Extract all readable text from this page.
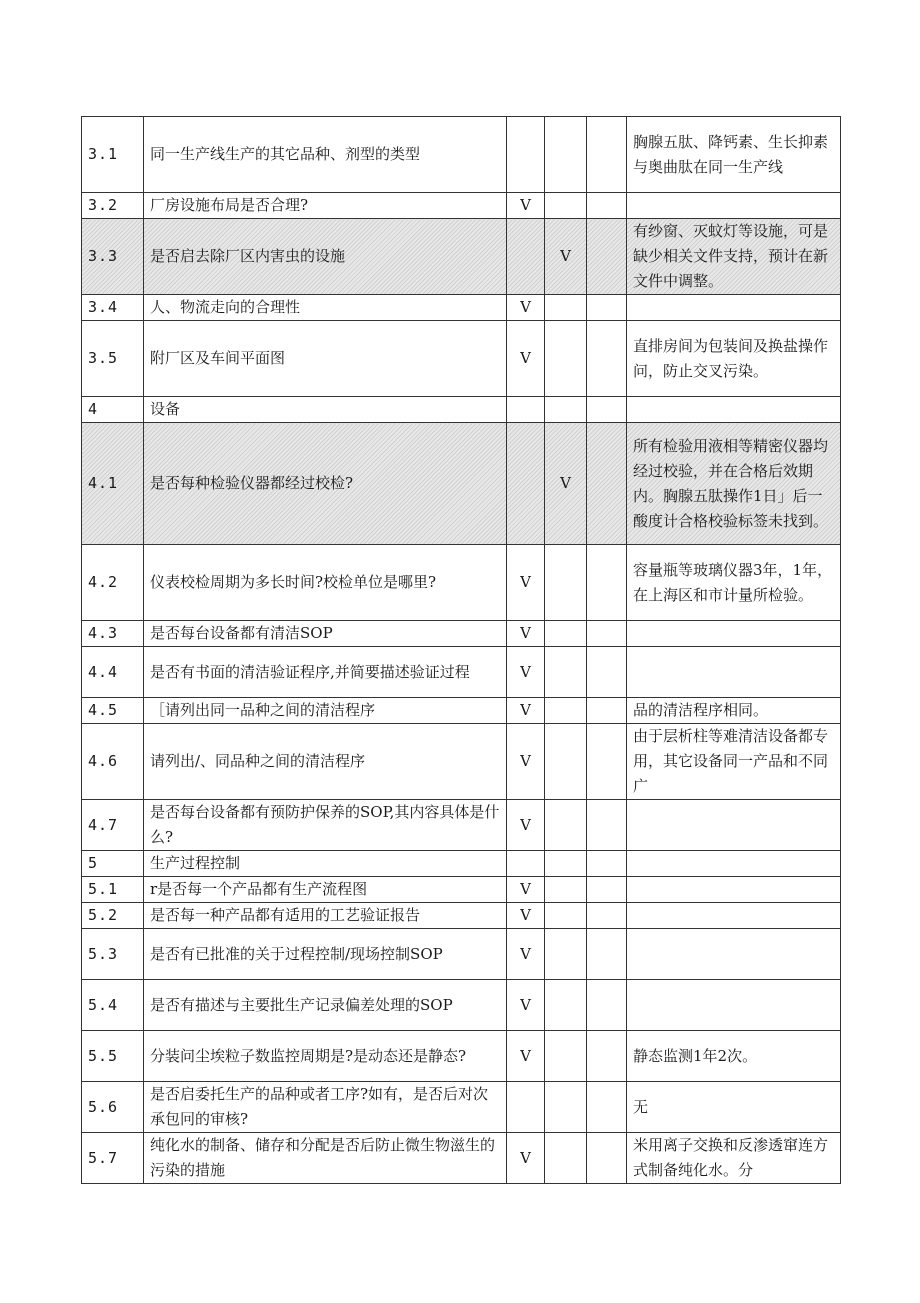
3.1	同一生产线生产的其它品种、剂型的类型				胸腺五肽、降钙素、生长抑素与奥曲肽在同一生产线
3.2	厂房设施布局是否合理?	V			
3.3	是否启去除厂区内害虫的设施		V		有纱窗、灭蚊灯等设施，可是缺少相关文件支持，预计在新文件中调整。
3.4	人、物流走向的合理性	V			
3.5	附厂区及车间平面图	V			直排房间为包装间及换盐操作问，防止交叉污染。
4	设备				
4.1	是否每种检验仪器都经过校检?		V		所有检验用液相等精密仪器均经过校验，并在合格后效期内。胸腺五肽操作1日」后一酸度计合格校验标签未找到。
4.2	仪表校检周期为多长时间?校检单位是哪里?	V			容量瓶等玻璃仪器3年，1年，在上海区和市计量所检验。
4.3	是否每台设备都有清洁SOP	V			
4.4	是否有书面的清洁验证程序,并简要描述验证过程	V			
4.5	［请列出同一品种之间的清洁程序	V			品的清洁程序相同。
4.6	请列出/、同品种之间的清洁程序	V			由于层析柱等难清洁设备都专用，其它设备同一产品和不同广
4.7	是否每台设备都有预防护保养的SOP,其内容具体是什么?	V			
5	生产过程控制				
5.1	r是否每一个产品都有生产流程图	V			
5.2	是否每一种产品都有适用的工艺验证报告	V			
5.3	是否有已批准的关于过程控制/现场控制SOP	V			
5.4	是否有描述与主要批生产记录偏差处理的SOP	V			
5.5	分装问尘埃粒子数监控周期是?是动态还是静态?	V			静态监测1年2次。
5.6	是否启委托生产的品种或者工序?如有，是否后对次承包冋的审核?				无
5.7	纯化水的制备、储存和分配是否后防止微生物滋生的污染的措施	V			米用离子交换和反渗透窜连方式制备纯化水。分
